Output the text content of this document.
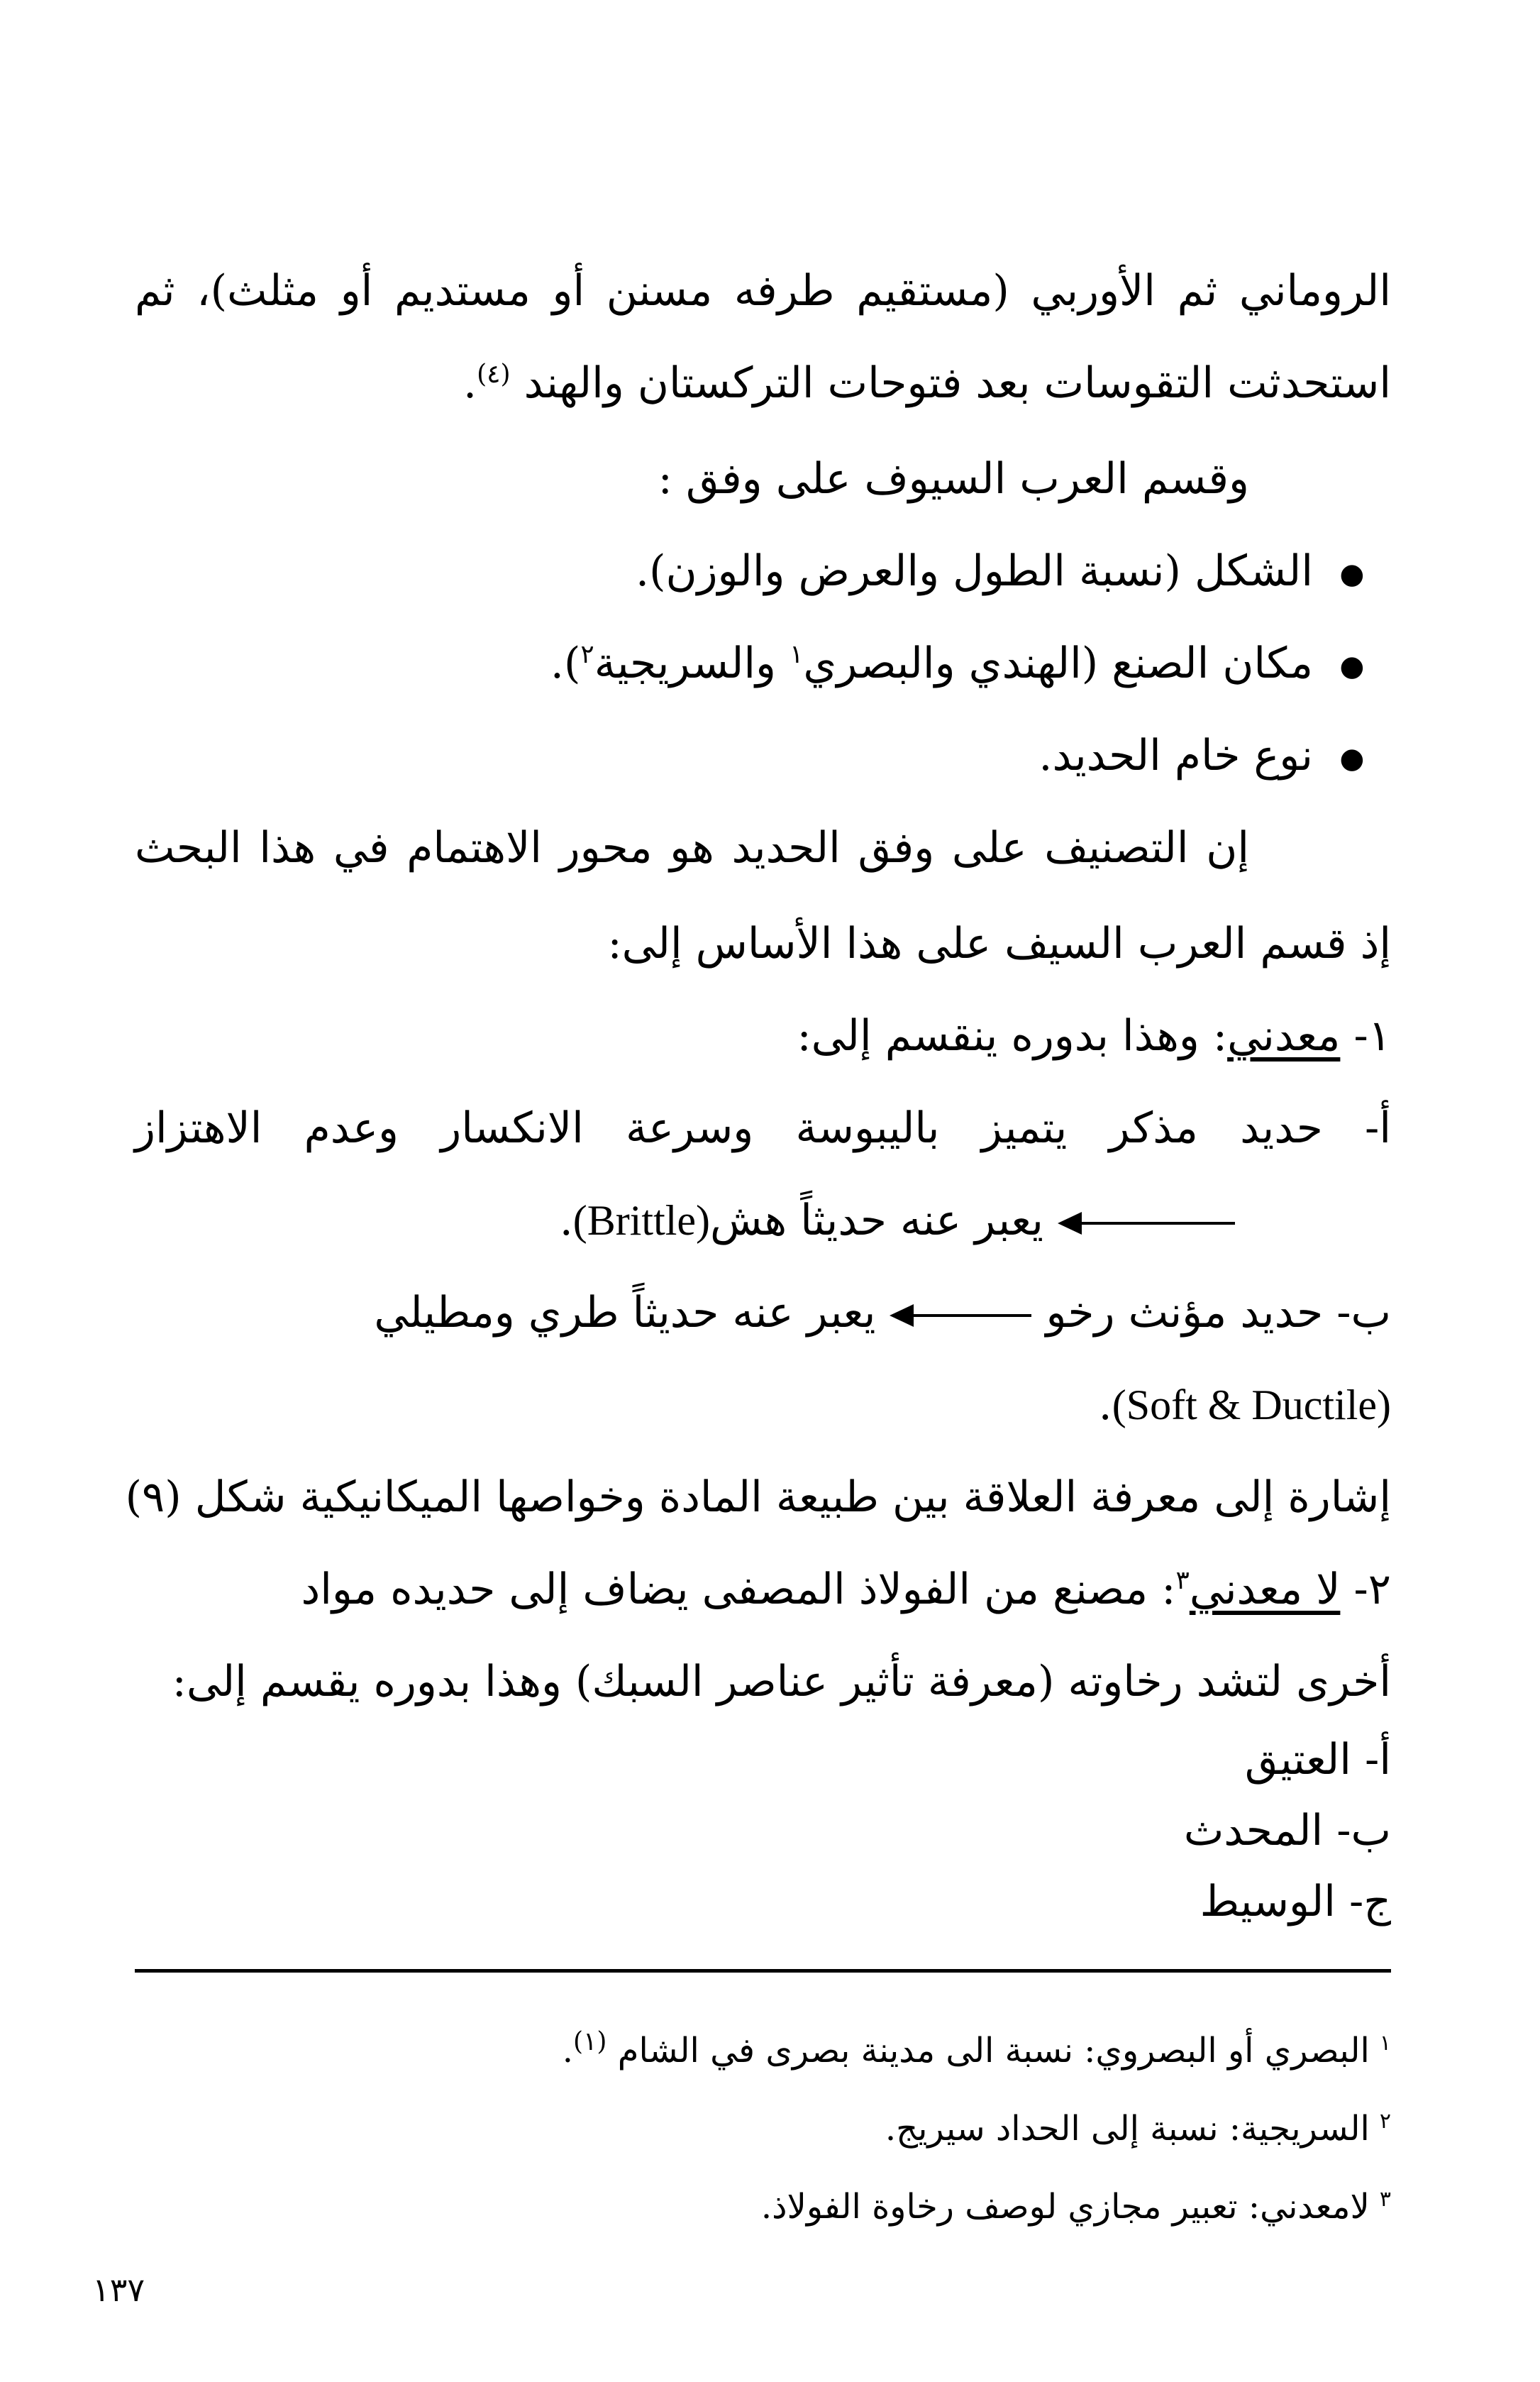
الروماني ثم الأوربي (مستقيم طرفه مسنن أو مستديم أو مثلث)، ثم
استحدثت التقوسات بعد فتوحات التركستان والهند $^{(٤)}$.
وقسم العرب السيوف على وفق :
●الشكل (نسبة الطول والعرض والوزن).
●مكان الصنع (الهندي والبصري$^١$ والسريجية$^٢$).
●نوع خام الحديد.
إن التصنيف على وفق الحديد هو محور الاهتمام في هذا البحث
إذ قسم العرب السيف على هذا الأساس إلى:
١- معدني: وهذا بدوره ينقسم إلى:
أ- حديد مذكر يتميز باليبوسة وسرعة الانكسار وعدم الاهتزاز
يعبر عنه حديثاً هش(Brittle).
ب- حديد مؤنث رخو
يعبر عنه حديثاً طري ومطيلي
(Soft & Ductile).
إشارة إلى معرفة العلاقة بين طبيعة المادة وخواصها الميكانيكية شكل (٩)
٢- لا معدني$^٣$: مصنع من الفولاذ المصفى يضاف إلى حديده مواد
أخرى لتشد رخاوته (معرفة تأثير عناصر السبك) وهذا بدوره يقسم إلى:
أ- العتيق
ب- المحدث
ج- الوسيط
$^١$البصري أو البصروي: نسبة الى مدينة بصرى في الشام $^{(١)}$.
$^٢$السريجية: نسبة إلى الحداد سيريج.
$^٣$لامعدني: تعبير مجازي لوصف رخاوة الفولاذ.
١٣٧
